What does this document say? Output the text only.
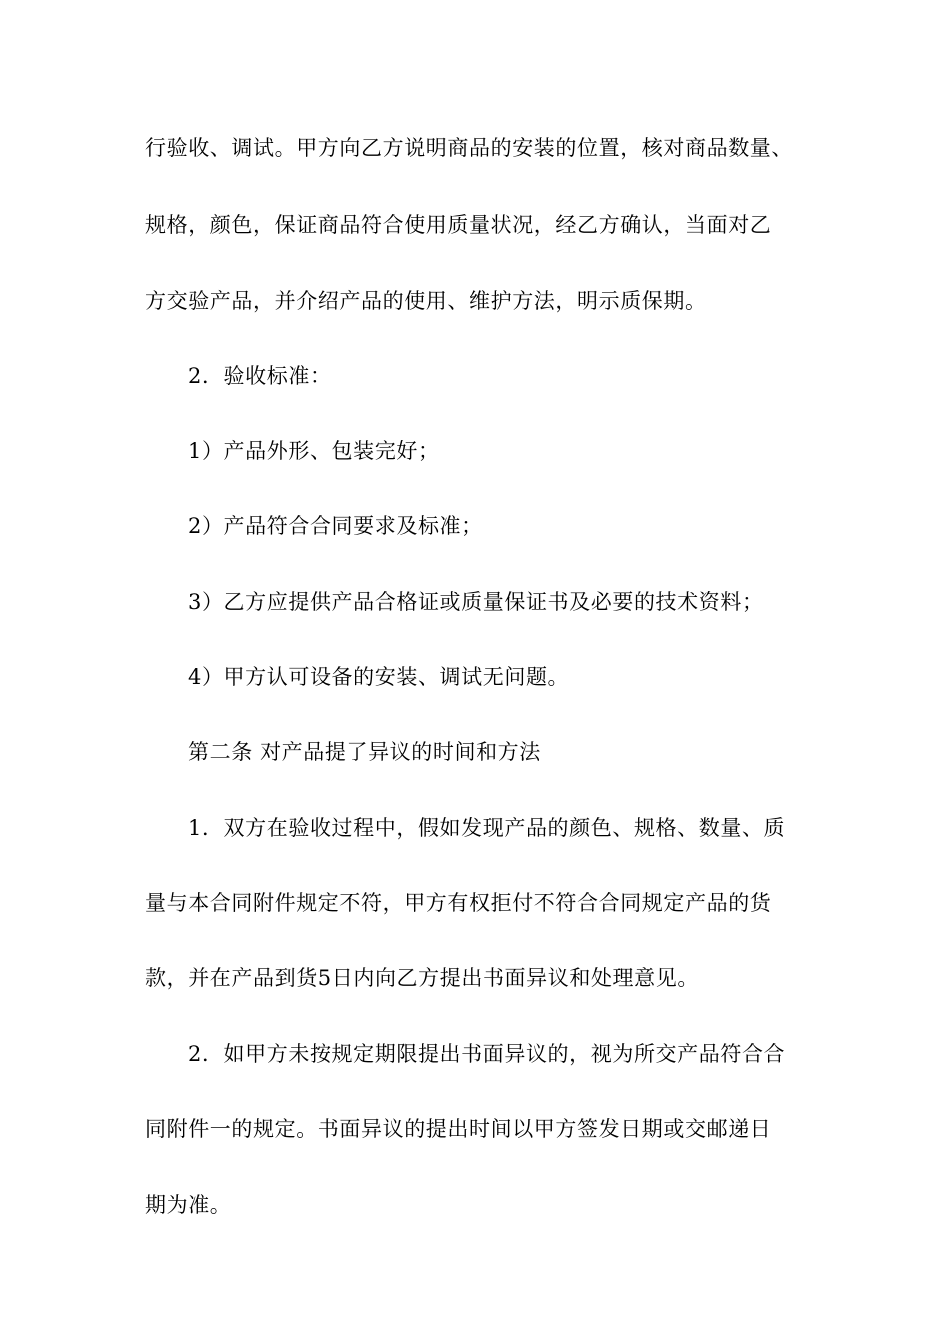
行验收、调试。甲方向乙方说明商品的安装的位置，核对商品数量、
规格，颜色，保证商品符合使用质量状况，经乙方确认，当面对乙
方交验产品，并介绍产品的使用、维护方法，明示质保期。
2．验收标准：
1）产品外形、包装完好；
2）产品符合合同要求及标准；
3）乙方应提供产品合格证或质量保证书及必要的技术资料；
4）甲方认可设备的安装、调试无问题。
第二条 对产品提了异议的时间和方法
1．双方在验收过程中，假如发现产品的颜色、规格、数量、质
量与本合同附件规定不符，甲方有权拒付不符合合同规定产品的货
款，并在产品到货5日内向乙方提出书面异议和处理意见。
2．如甲方未按规定期限提出书面异议的，视为所交产品符合合
同附件一的规定。书面异议的提出时间以甲方签发日期或交邮递日
期为准。
